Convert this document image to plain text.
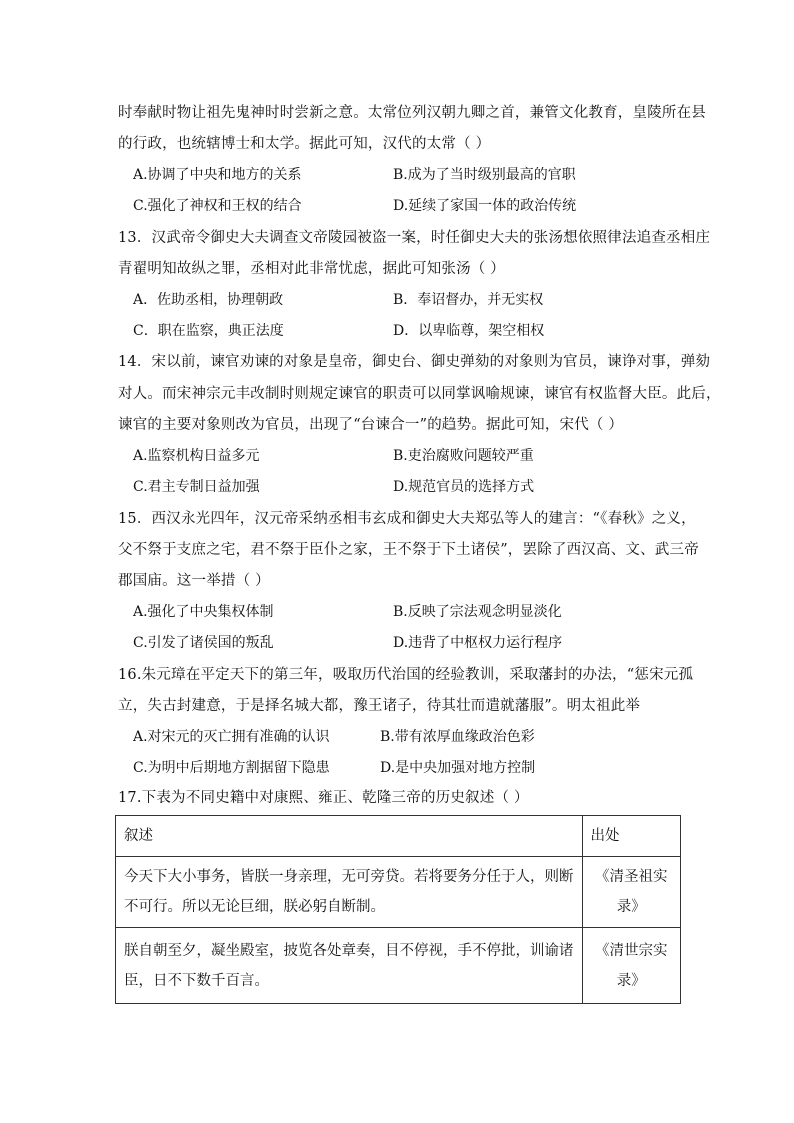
时奉献时物让祖先鬼神时时尝新之意。太常位列汉朝九卿之首，兼管文化教育，皇陵所在县
的行政，也统辖博士和太学。据此可知，汉代的太常（ ）
A.协调了中央和地方的关系	B.成为了当时级别最高的官职
C.强化了神权和王权的结合	D.延续了家国一体的政治传统
13．汉武帝令御史大夫调查文帝陵园被盗一案，时任御史大夫的张汤想依照律法追查丞相庄
青翟明知故纵之罪，丞相对此非常忧虑，据此可知张汤（ ）
A．佐助丞相，协理朝政	B．奉诏督办，并无实权
C．职在监察，典正法度	D．以卑临尊，架空相权
14．宋以前，谏官劝谏的对象是皇帝，御史台、御史弹劾的对象则为官员，谏诤对事，弹劾
对人。而宋神宗元丰改制时则规定谏官的职责可以同掌讽喻规谏，谏官有权监督大臣。此后，
谏官的主要对象则改为官员，出现了“台谏合一”的趋势。据此可知，宋代（ ）
A.监察机构日益多元	B.吏治腐败问题较严重
C.君主专制日益加强	D.规范官员的选择方式
15．西汉永光四年，汉元帝采纳丞相韦玄成和御史大夫郑弘等人的建言：“《春秋》之义，
父不祭于支庶之宅，君不祭于臣仆之家，王不祭于下土诸侯”，罢除了西汉高、文、武三帝
郡国庙。这一举措（ ）
A.强化了中央集权体制	B.反映了宗法观念明显淡化
C.引发了诸侯国的叛乱	D.违背了中枢权力运行程序
16.朱元璋在平定天下的第三年，吸取历代治国的经验教训，采取藩封的办法，“惩宋元孤
立，失古封建意，于是择名城大都，豫王诸子，待其壮而遣就藩服”。明太祖此举
A.对宋元的灭亡拥有准确的认识	B.带有浓厚血缘政治色彩
C.为明中后期地方割据留下隐患	D.是中央加强对地方控制
17.下表为不同史籍中对康熙、雍正、乾隆三帝的历史叙述（ ）
叙述	出处

今天下大小事务，皆朕一身亲理，无可旁贷。若将要务分任于人，则断
不可行。所以无论巨细，朕必躬自断制。	《清圣祖实录》

朕自朝至夕，凝坐殿室，披览各处章奏，目不停视，手不停批，训谕诸
臣，日不下数千百言。	《清世宗实录》
